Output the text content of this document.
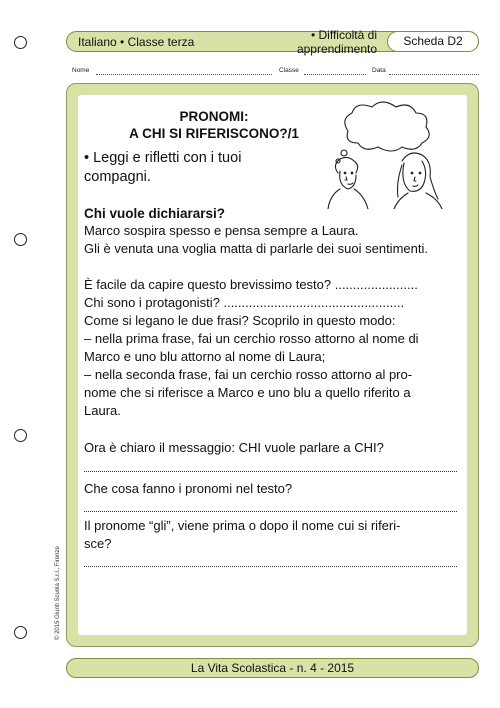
Italiano • Classe terza	• Difficoltà di apprendimento
Scheda D2
Nome	Classe	Data
PRONOMI:
A CHI SI RIFERISCONO?/1
• Leggi e rifletti con i tuoi
compagni.
Chi vuole dichiararsi?
Marco sospira spesso e pensa sempre a Laura.
Gli è venuta una voglia matta di parlarle dei suoi sentimenti.
È facile da capire questo brevissimo testo? .......................
Chi sono i protagonisti? ..................................................
Come si legano le due frasi? Scoprilo in questo modo:
– nella prima frase, fai un cerchio rosso attorno al nome di
Marco e uno blu attorno al nome di Laura;
– nella seconda frase, fai un cerchio rosso attorno al pro-
nome che si riferisce a Marco e uno blu a quello riferito a
Laura.
Ora è chiaro il messaggio: CHI vuole parlare a CHI?
Che cosa fanno i pronomi nel testo?
Il pronome “gli”, viene prima o dopo il nome cui si riferi-
sce?
La Vita Scolastica - n. 4 - 2015
© 2015 Giunti Scuola S.r.l., Firenze
